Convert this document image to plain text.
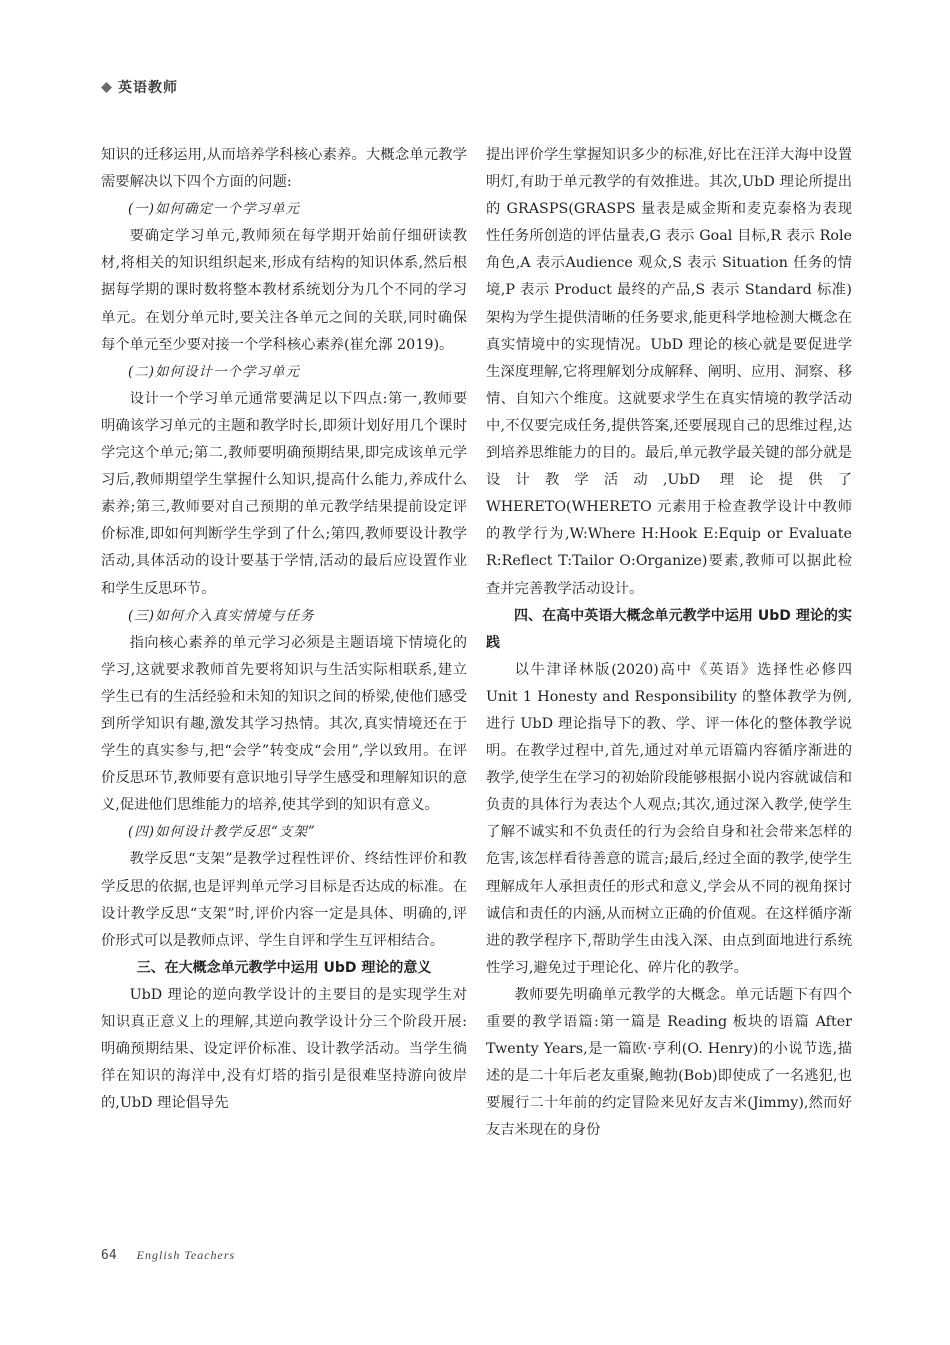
英语教师

知识的迁移运用,从而培养学科核心素养。大概念单元教学需要解决以下四个方面的问题:

(一)如何确定一个学习单元

要确定学习单元,教师须在每学期开始前仔细研读教材,将相关的知识组织起来,形成有结构的知识体系,然后根据每学期的课时数将整本教材系统划分为几个不同的学习单元。在划分单元时,要关注各单元之间的关联,同时确保每个单元至少要对接一个学科核心素养(崔允漷 2019)。

(二)如何设计一个学习单元

设计一个学习单元通常要满足以下四点:第一,教师要明确该学习单元的主题和教学时长,即须计划好用几个课时学完这个单元;第二,教师要明确预期结果,即完成该单元学习后,教师期望学生掌握什么知识,提高什么能力,养成什么素养;第三,教师要对自己预期的单元教学结果提前设定评价标准,即如何判断学生学到了什么;第四,教师要设计教学活动,具体活动的设计要基于学情,活动的最后应设置作业和学生反思环节。

(三)如何介入真实情境与任务

指向核心素养的单元学习必须是主题语境下情境化的学习,这就要求教师首先要将知识与生活实际相联系,建立学生已有的生活经验和未知的知识之间的桥梁,使他们感受到所学知识有趣,激发其学习热情。其次,真实情境还在于学生的真实参与,把“会学”转变成“会用”,学以致用。在评价反思环节,教师要有意识地引导学生感受和理解知识的意义,促进他们思维能力的培养,使其学到的知识有意义。

(四)如何设计教学反思“支架”

教学反思“支架”是教学过程性评价、终结性评价和教学反思的依据,也是评判单元学习目标是否达成的标准。在设计教学反思“支架”时,评价内容一定是具体、明确的,评价形式可以是教师点评、学生自评和学生互评相结合。

三、在大概念单元教学中运用 UbD 理论的意义

UbD 理论的逆向教学设计的主要目的是实现学生对知识真正意义上的理解,其逆向教学设计分三个阶段开展:明确预期结果、设定评价标准、设计教学活动。当学生徜徉在知识的海洋中,没有灯塔的指引是很难坚持游向彼岸的,UbD 理论倡导先

提出评价学生掌握知识多少的标准,好比在汪洋大海中设置明灯,有助于单元教学的有效推进。其次,UbD 理论所提出的 GRASPS(GRASPS 量表是威金斯和麦克泰格为表现性任务所创造的评估量表,G 表示 Goal 目标,R 表示 Role 角色,A 表示Audience 观众,S 表示 Situation 任务的情境,P 表示 Product 最终的产品,S 表示 Standard 标准)架构为学生提供清晰的任务要求,能更科学地检测大概念在真实情境中的实现情况。UbD 理论的核心就是要促进学生深度理解,它将理解划分成解释、阐明、应用、洞察、移情、自知六个维度。这就要求学生在真实情境的教学活动中,不仅要完成任务,提供答案,还要展现自己的思维过程,达到培养思维能力的目的。最后,单元教学最关键的部分就是设计教学活动,UbD 理论提供了 WHERETO(WHERETO 元素用于检查教学设计中教师的教学行为,W:Where H:Hook E:Equip or Evaluate R:Reflect T:Tailor O:Organize)要素,教师可以据此检查并完善教学活动设计。

四、在高中英语大概念单元教学中运用 UbD 理论的实践

以牛津译林版(2020)高中《英语》选择性必修四 Unit 1 Honesty and Responsibility 的整体教学为例,进行 UbD 理论指导下的教、学、评一体化的整体教学说明。在教学过程中,首先,通过对单元语篇内容循序渐进的教学,使学生在学习的初始阶段能够根据小说内容就诚信和负责的具体行为表达个人观点;其次,通过深入教学,使学生了解不诚实和不负责任的行为会给自身和社会带来怎样的危害,该怎样看待善意的谎言;最后,经过全面的教学,使学生理解成年人承担责任的形式和意义,学会从不同的视角探讨诚信和责任的内涵,从而树立正确的价值观。在这样循序渐进的教学程序下,帮助学生由浅入深、由点到面地进行系统性学习,避免过于理论化、碎片化的教学。

教师要先明确单元教学的大概念。单元话题下有四个重要的教学语篇:第一篇是 Reading 板块的语篇 After Twenty Years,是一篇欧·亨利(O. Henry)的小说节选,描述的是二十年后老友重聚,鲍勃(Bob)即使成了一名逃犯,也要履行二十年前的约定冒险来见好友吉米(Jimmy),然而好友吉米现在的身份

64 English Teachers
